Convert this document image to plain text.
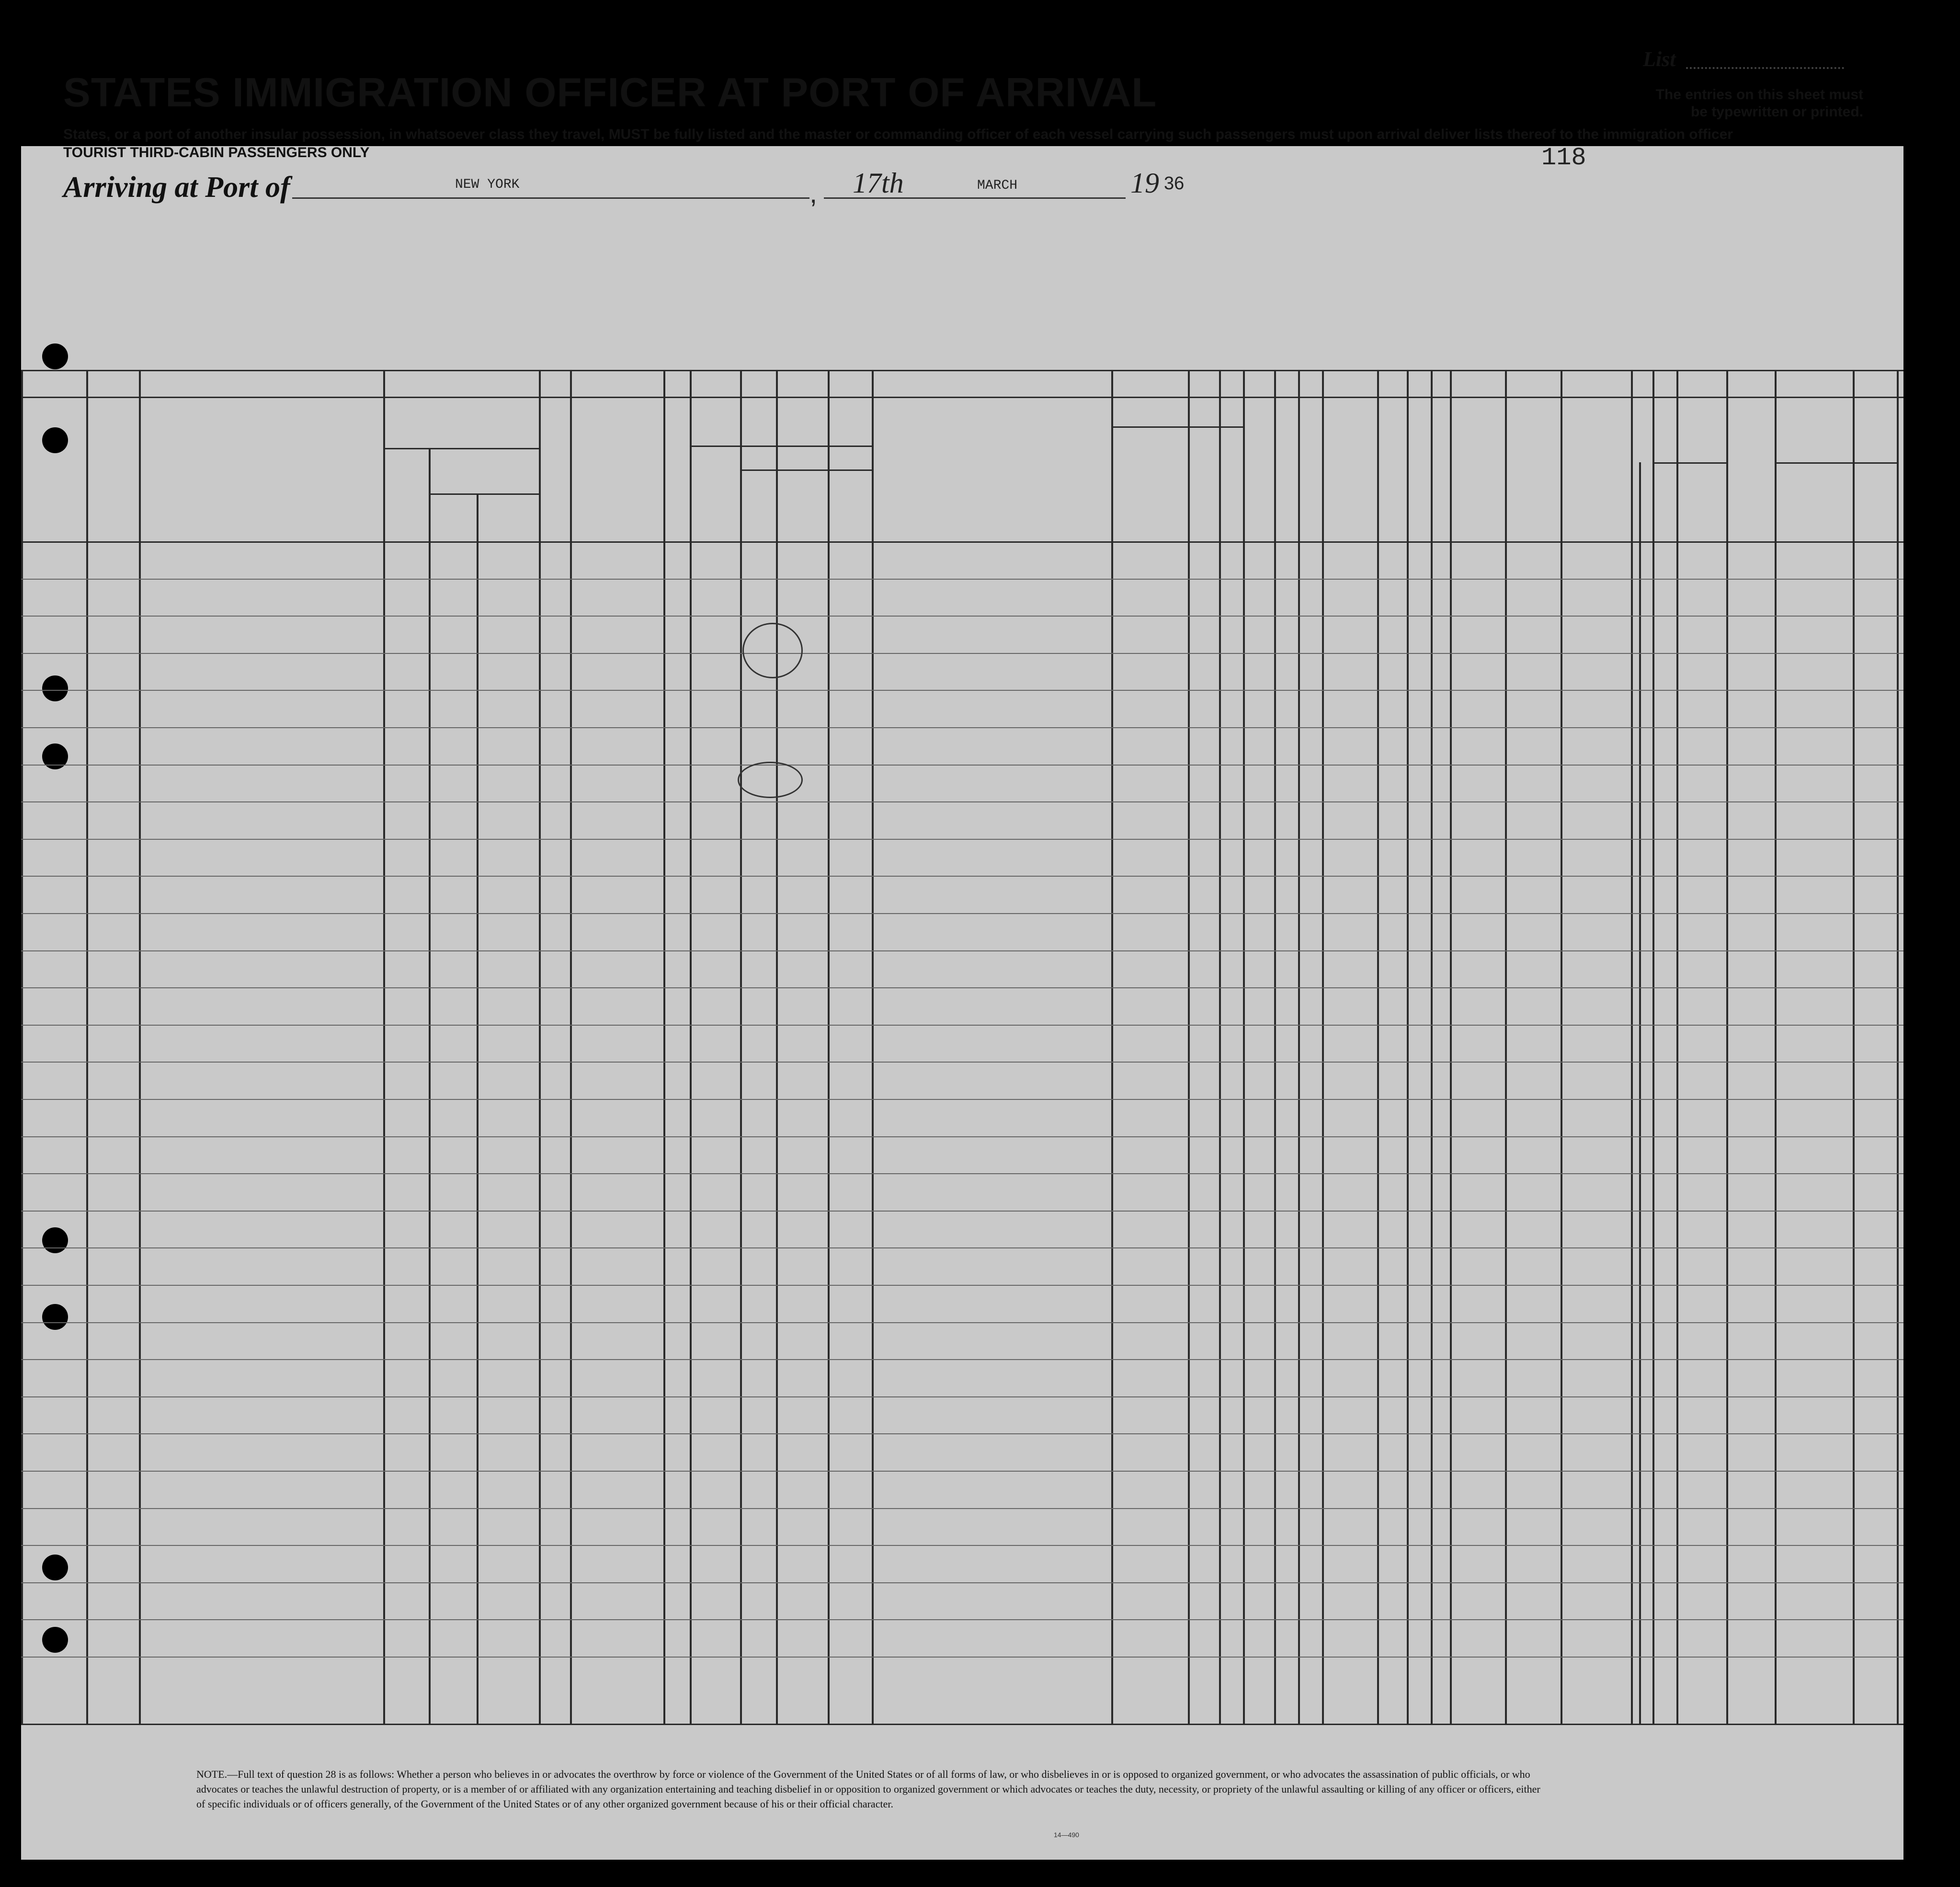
STATES IMMIGRATION OFFICER AT PORT OF ARRIVAL
States, or a port of another insular possession, in whatsoever class they travel, MUST be fully listed and the master or commanding officer of each vessel carrying such passengers must upon arrival deliver lists thereof to the immigration officer
TOURIST THIRD-CABIN PASSENGERS ONLY
List
The entries on this sheet must
be typewritten or printed.
118
Arriving at Port of	NEW YORK	, 17th	MARCH	19 36
NOTE.—Full text of question 28 is as follows: Whether a person who believes in or advocates the overthrow by force or violence of the Government of the United States or of all forms of law, or who disbelieves in or is opposed to organized government, or who advocates the assassination of public officials, or who advocates or teaches the unlawful destruction of property, or is a member of or affiliated with any organization entertaining and teaching disbelief in or opposition to organized government or which advocates or teaches the duty, necessity, or propriety of the unlawful assaulting or killing of any officer or officers, either of specific individuals or of officers generally, of the Government of the United States or of any other organized government because of his or their official character.
14—490
